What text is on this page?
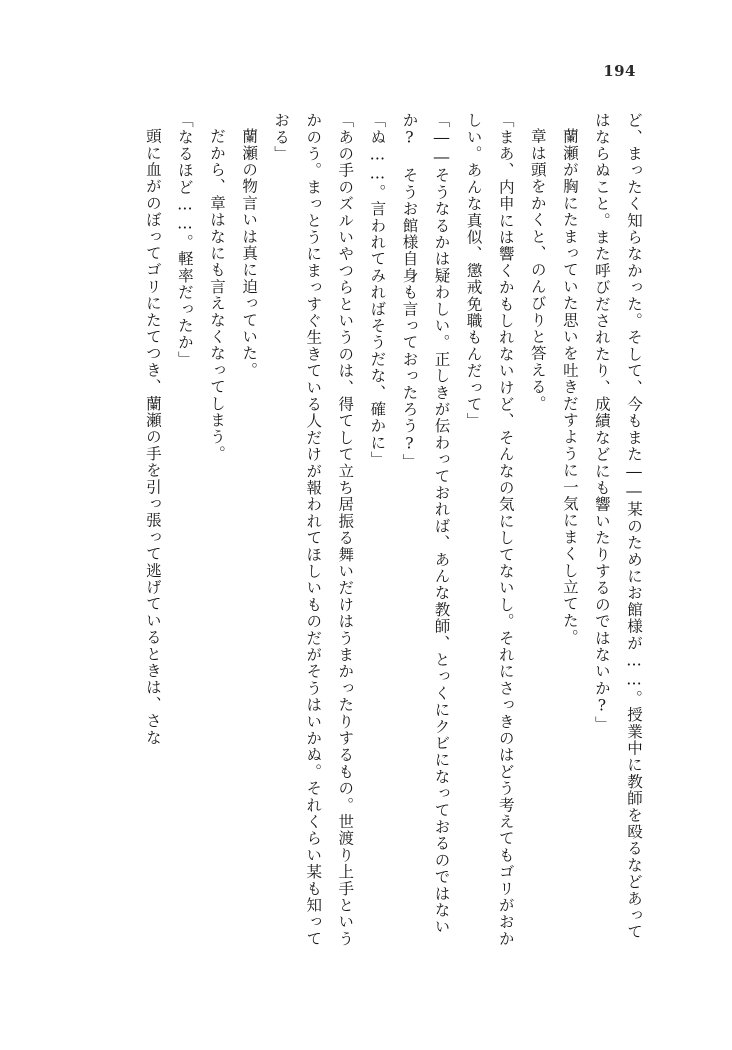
194

ど、まったく知らなかった。そして、今もまた――某のためにお館様が……。授業中に教師を殴るなどあってはならぬこと。また呼びだされたり、成績などにも響いたりするのではないか?」

蘭瀬が胸にたまっていた思いを吐きだすように一気にまくし立てた。

章は頭をかくと、のんびりと答える。

「まあ、内申には響くかもしれないけど、そんなの気にしてないし。それにさっきのはどう考えてもゴリがおかしい。あんな真似、懲戒免職もんだって」

「――そうなるかは疑わしい。正しきが伝わっておれば、あんな教師、とっくにクビになっておるのではないか? そうお館様自身も言っておったろう?」

「ぬ……。言われてみればそうだな、確かに」

「あの手のズルいやつらというのは、得てして立ち居振る舞いだけはうまかったりするもの。世渡り上手というかのう。まっとうにまっすぐ生きている人だけが報われてほしいものだがそうはいかぬ。それくらい某も知っておる」

蘭瀬の物言いは真に迫っていた。

だから、章はなにも言えなくなってしまう。

「なるほど……。軽率だったか」

頭に血がのぼってゴリにたてつき、蘭瀬の手を引っ張って逃げているときは、さな
